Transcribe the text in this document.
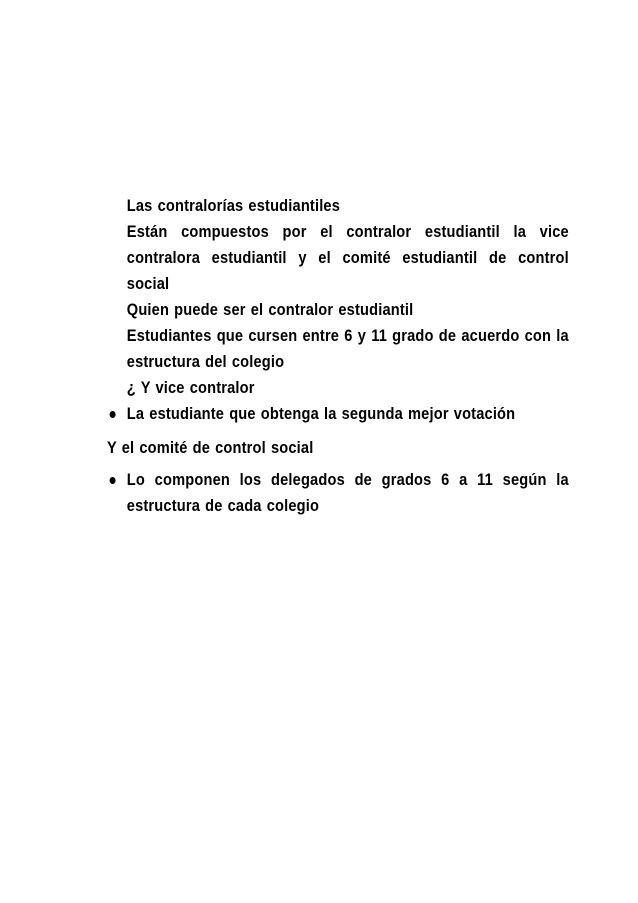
Las contralorías estudiantiles
Están compuestos por el contralor estudiantil la vice contralora estudiantil y el comité estudiantil de control social
Quien puede ser el contralor estudiantil
Estudiantes que cursen entre 6 y 11 grado de acuerdo con la estructura del colegio
¿ Y vice contralor
La estudiante que obtenga la segunda mejor votación
Y el comité de control social
Lo componen los delegados de grados 6 a 11 según la estructura de cada colegio
